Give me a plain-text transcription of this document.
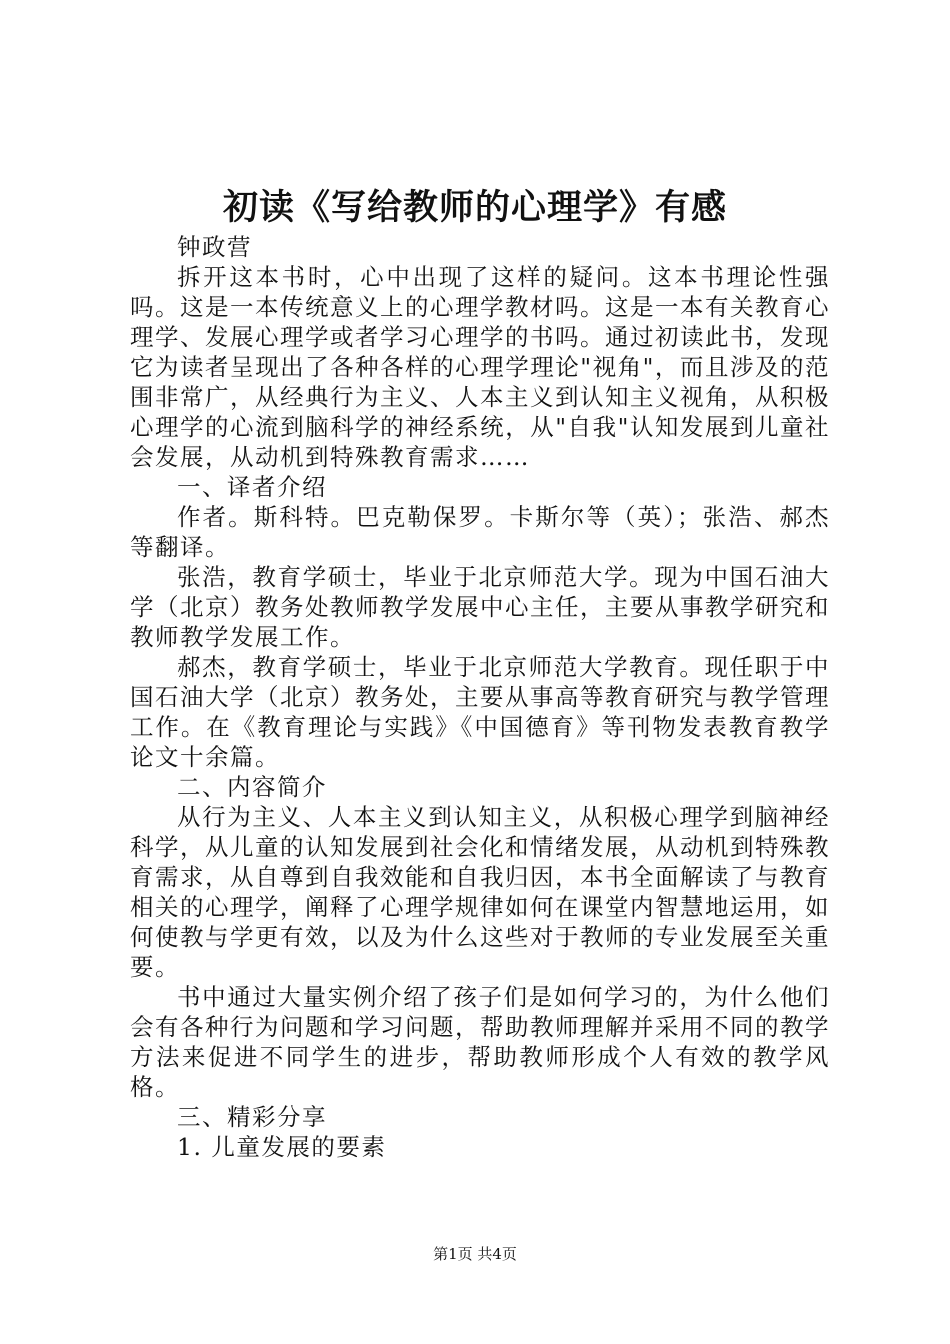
初读《写给教师的心理学》有感

钟政营

拆开这本书时，心中出现了这样的疑问。这本书理论性强吗。这是一本传统意义上的心理学教材吗。这是一本有关教育心理学、发展心理学或者学习心理学的书吗。通过初读此书，发现它为读者呈现出了各种各样的心理学理论"视角"，而且涉及的范围非常广，从经典行为主义、人本主义到认知主义视角，从积极心理学的心流到脑科学的神经系统，从"自我"认知发展到儿童社会发展，从动机到特殊教育需求……

一、译者介绍

作者。斯科特。巴克勒保罗。卡斯尔等（英）；张浩、郝杰等翻译。

张浩，教育学硕士，毕业于北京师范大学。现为中国石油大学（北京）教务处教师教学发展中心主任，主要从事教学研究和教师教学发展工作。

郝杰，教育学硕士，毕业于北京师范大学教育。现任职于中国石油大学（北京）教务处，主要从事高等教育研究与教学管理工作。在《教育理论与实践》《中国德育》等刊物发表教育教学论文十余篇。

二、内容简介

从行为主义、人本主义到认知主义，从积极心理学到脑神经科学，从儿童的认知发展到社会化和情绪发展，从动机到特殊教育需求，从自尊到自我效能和自我归因，本书全面解读了与教育相关的心理学，阐释了心理学规律如何在课堂内智慧地运用，如何使教与学更有效，以及为什么这些对于教师的专业发展至关重要。

书中通过大量实例介绍了孩子们是如何学习的，为什么他们会有各种行为问题和学习问题，帮助教师理解并采用不同的教学方法来促进不同学生的进步，帮助教师形成个人有效的教学风格。

三、精彩分享

1. 儿童发展的要素

第1页 共4页
